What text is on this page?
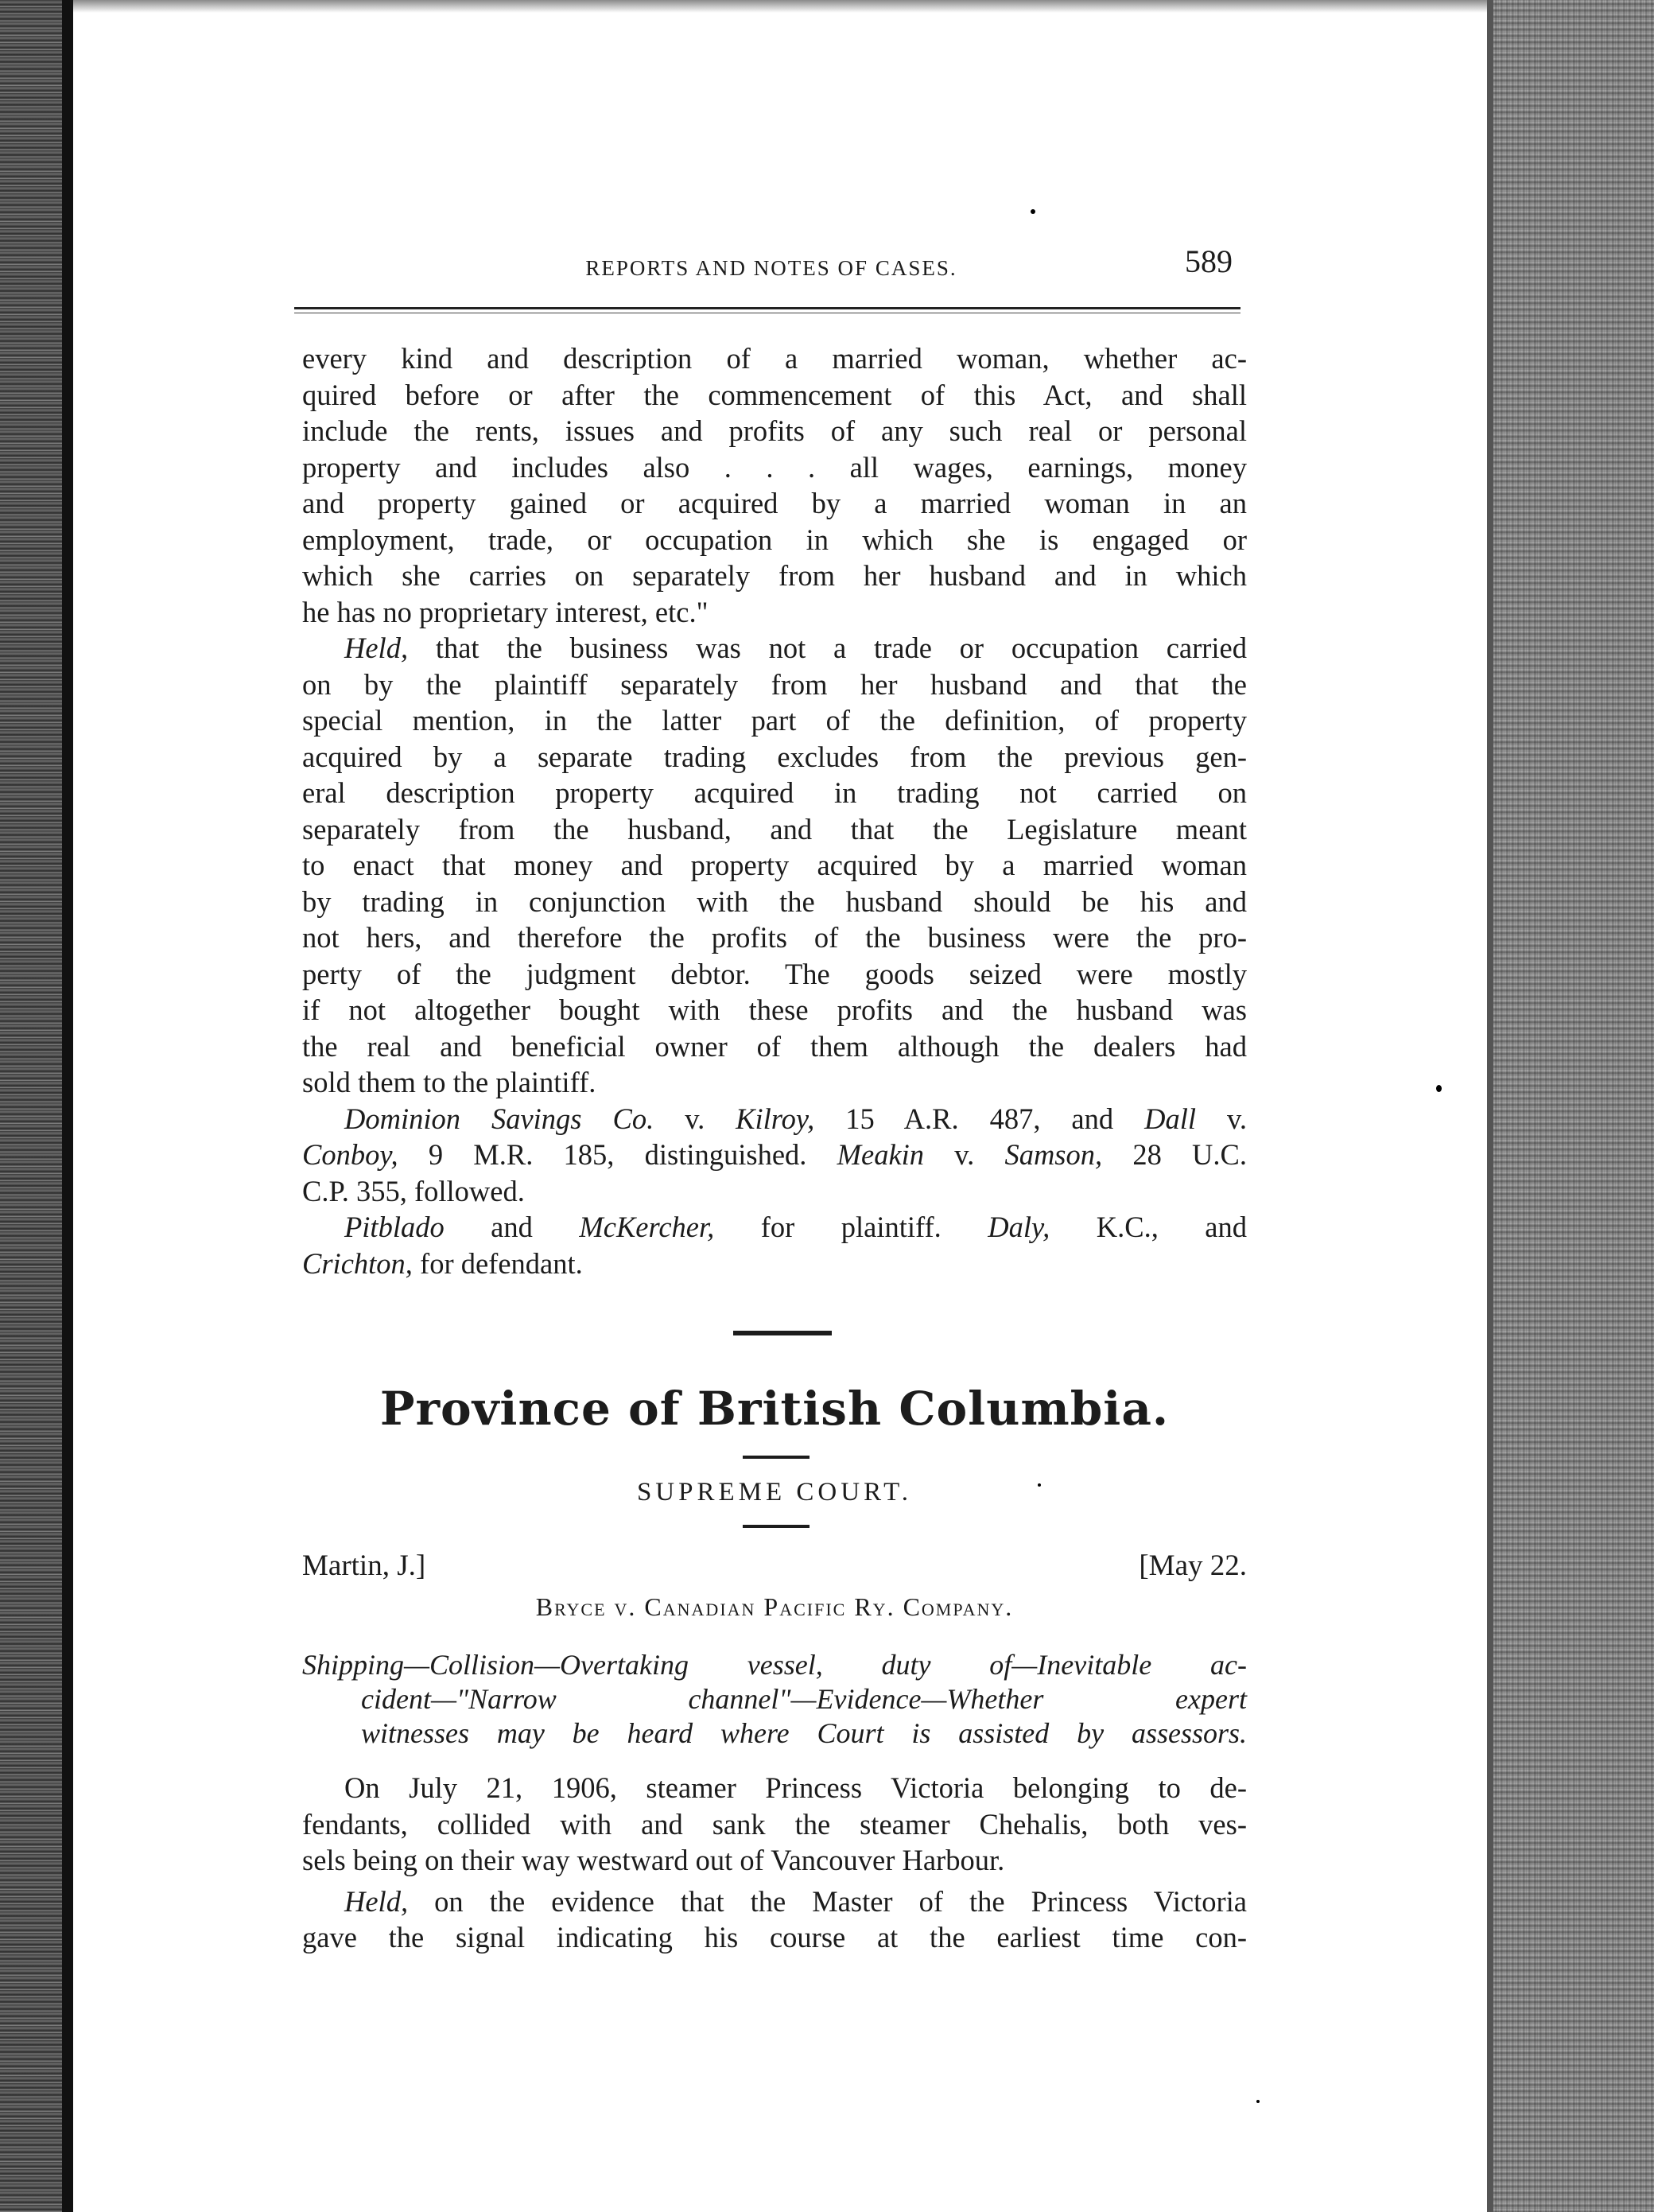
REPORTS AND NOTES OF CASES.	589

every kind and description of a married woman, whether ac-
quired before or after the commencement of this Act, and shall
include the rents, issues and profits of any such real or personal
property and includes also . . . all wages, earnings, money
and property gained or acquired by a married woman in an
employment, trade, or occupation in which she is engaged or
which she carries on separately from her husband and in which
he has no proprietary interest, etc."

Held, that the business was not a trade or occupation carried
on by the plaintiff separately from her husband and that the
special mention, in the latter part of the definition, of property
acquired by a separate trading excludes from the previous gen-
eral description property acquired in trading not carried on
separately from the husband, and that the Legislature meant
to enact that money and property acquired by a married woman
by trading in conjunction with the husband should be his and
not hers, and therefore the profits of the business were the pro-
perty of the judgment debtor. The goods seized were mostly
if not altogether bought with these profits and the husband was
the real and beneficial owner of them although the dealers had
sold them to the plaintiff.

Dominion Savings Co. v. Kilroy, 15 A.R. 487, and Dall v.
Conboy, 9 M.R. 185, distinguished. Meakin v. Samson, 28 U.C.
C.P. 355, followed.

Pitblado and McKercher, for plaintiff. Daly, K.C., and
Crichton, for defendant.

Province of British Columbia.
SUPREME COURT.
Martin, J.]	[May 22.
Bryce v. Canadian Pacific Ry. Company.
Shipping—Collision—Overtaking vessel, duty of—Inevitable ac-
cident—"Narrow channel"—Evidence—Whether expert
witnesses may be heard where Court is assisted by assessors.

On July 21, 1906, steamer Princess Victoria belonging to de-
fendants, collided with and sank the steamer Chehalis, both ves-
sels being on their way westward out of Vancouver Harbour.

Held, on the evidence that the Master of the Princess Victoria
gave the signal indicating his course at the earliest time con-
